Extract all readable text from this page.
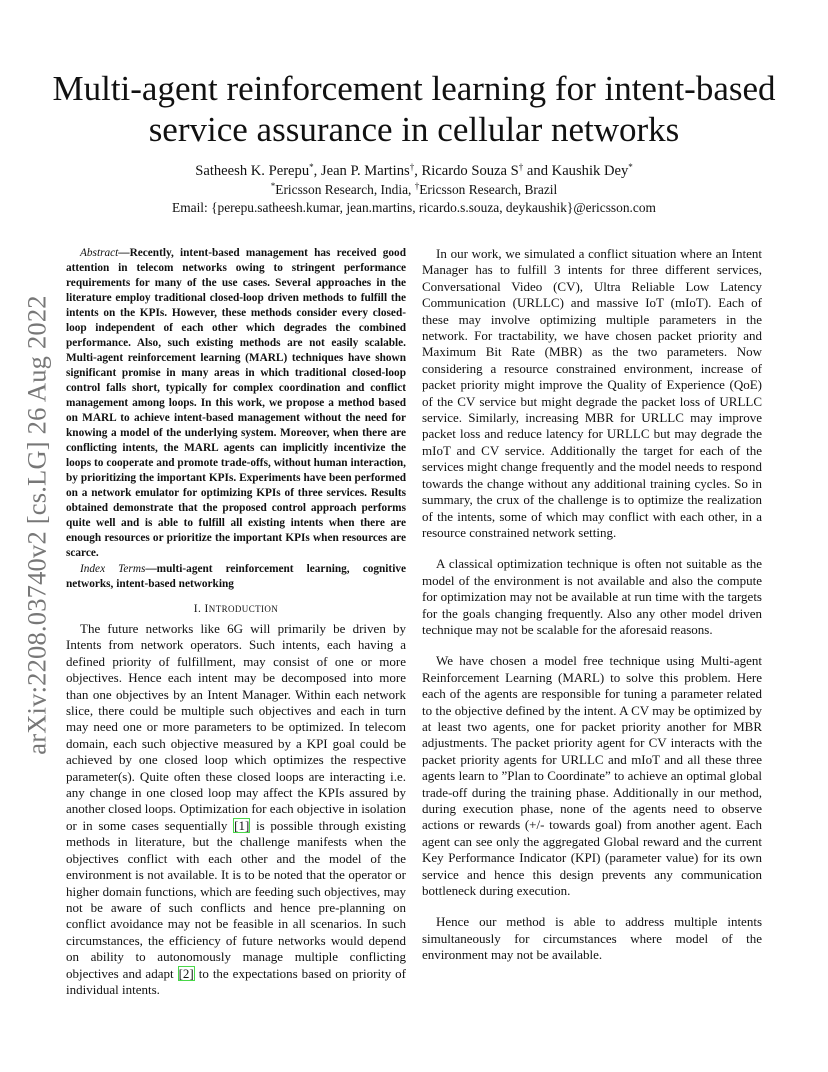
arXiv:2208.03740v2 [cs.LG] 26 Aug 2022
Multi-agent reinforcement learning for intent-based
service assurance in cellular networks
Satheesh K. Perepu*, Jean P. Martins†, Ricardo Souza S† and Kaushik Dey*
*Ericsson Research, India, †Ericsson Research, Brazil
Email: {perepu.satheesh.kumar, jean.martins, ricardo.s.souza, deykaushik}@ericsson.com

Abstract—Recently, intent-based management has received good attention in telecom networks owing to stringent performance requirements for many of the use cases. Several approaches in the literature employ traditional closed-loop driven methods to fulfill the intents on the KPIs. However, these methods consider every closed-loop independent of each other which degrades the combined performance. Also, such existing methods are not easily scalable. Multi-agent reinforcement learning (MARL) techniques have shown significant promise in many areas in which traditional closed-loop control falls short, typically for complex coordination and conflict management among loops. In this work, we propose a method based on MARL to achieve intent-based management without the need for knowing a model of the underlying system. Moreover, when there are conflicting intents, the MARL agents can implicitly incentivize the loops to cooperate and promote trade-offs, without human interaction, by prioritizing the important KPIs. Experiments have been performed on a network emulator for optimizing KPIs of three services. Results obtained demonstrate that the proposed control approach performs quite well and is able to fulfill all existing intents when there are enough resources or prioritize the important KPIs when resources are scarce.

Index Terms—multi-agent reinforcement learning, cognitive networks, intent-based networking

I. INTRODUCTION

The future networks like 6G will primarily be driven by Intents from network operators. Such intents, each having a defined priority of fulfillment, may consist of one or more objectives. Hence each intent may be decomposed into more than one objectives by an Intent Manager. Within each network slice, there could be multiple such objectives and each in turn may need one or more parameters to be optimized. In telecom domain, each such objective measured by a KPI goal could be achieved by one closed loop which optimizes the respective parameter(s). Quite often these closed loops are interacting i.e. any change in one closed loop may affect the KPIs assured by another closed loops. Optimization for each objective in isolation or in some cases sequentially [1] is possible through existing methods in literature, but the challenge manifests when the objectives conflict with each other and the model of the environment is not available. It is to be noted that the operator or higher domain functions, which are feeding such objectives, may not be aware of such conflicts and hence pre-planning on conflict avoidance may not be feasible in all scenarios. In such circumstances, the efficiency of future networks would depend on ability to autonomously manage multiple conflicting objectives and adapt [2] to the expectations based on priority of individual intents.

In our work, we simulated a conflict situation where an Intent Manager has to fulfill 3 intents for three different services, Conversational Video (CV), Ultra Reliable Low Latency Communication (URLLC) and massive IoT (mIoT). Each of these may involve optimizing multiple parameters in the network. For tractability, we have chosen packet priority and Maximum Bit Rate (MBR) as the two parameters. Now considering a resource constrained environment, increase of packet priority might improve the Quality of Experience (QoE) of the CV service but might degrade the packet loss of URLLC service. Similarly, increasing MBR for URLLC may improve packet loss and reduce latency for URLLC but may degrade the mIoT and CV service. Additionally the target for each of the services might change frequently and the model needs to respond towards the change without any additional training cycles. So in summary, the crux of the challenge is to optimize the realization of the intents, some of which may conflict with each other, in a resource constrained network setting.

A classical optimization technique is often not suitable as the model of the environment is not available and also the compute for optimization may not be available at run time with the targets for the goals changing frequently. Also any other model driven technique may not be scalable for the aforesaid reasons.

We have chosen a model free technique using Multi-agent Reinforcement Learning (MARL) to solve this problem. Here each of the agents are responsible for tuning a parameter related to the objective defined by the intent. A CV may be optimized by at least two agents, one for packet priority another for MBR adjustments. The packet priority agent for CV interacts with the packet priority agents for URLLC and mIoT and all these three agents learn to ”Plan to Coordinate” to achieve an optimal global trade-off during the training phase. Additionally in our method, during execution phase, none of the agents need to observe actions or rewards (+/- towards goal) from another agent. Each agent can see only the aggregated Global reward and the current Key Performance Indicator (KPI) (parameter value) for its own service and hence this design prevents any communication bottleneck during execution.

Hence our method is able to address multiple intents simultaneously for circumstances where model of the environment may not be available.
